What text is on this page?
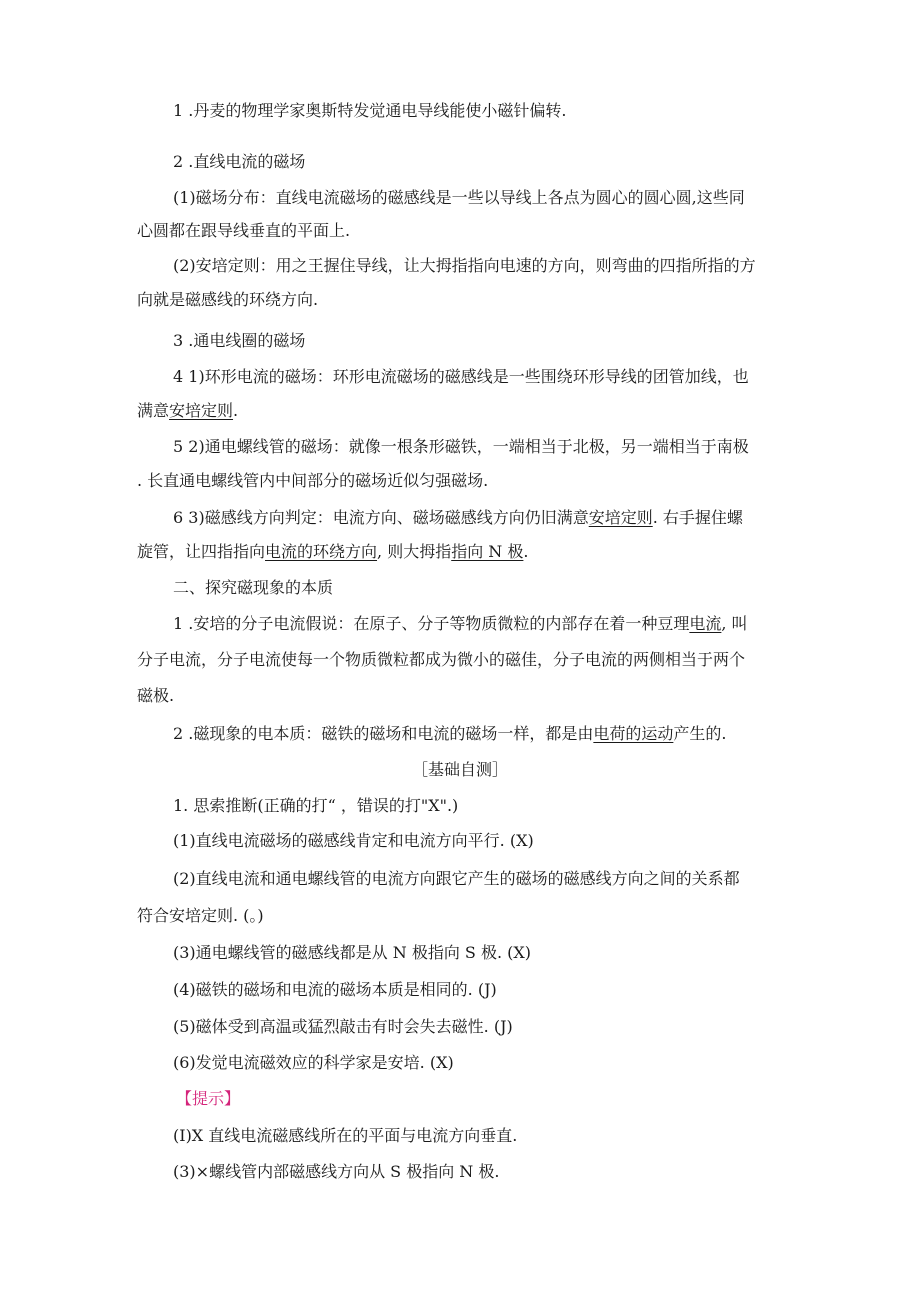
1 .丹麦的物理学家奥斯特发觉通电导线能使小磁针偏转.
2 .直线电流的磁场
(1)磁场分布：直线电流磁场的磁感线是一些以导线上各点为圆心的圆心圆,这些同
心圆都在跟导线垂直的平面上.
(2)安培定则：用之王握住导线，让大拇指指向电速的方向，则弯曲的四指所指的方
向就是磁感线的环绕方向.
3 .通电线圈的磁场
4 1)环形电流的磁场：环形电流磁场的磁感线是一些围绕环形导线的团管加线，也
满意安培定则.
5 2)通电螺线管的磁场：就像一根条形磁铁，一端相当于北极，另一端相当于南极
. 长直通电螺线管内中间部分的磁场近似匀强磁场.
6 3)磁感线方向判定：电流方向、磁场磁感线方向仍旧满意安培定则. 右手握住螺
旋管，让四指指向电流的环绕方向, 则大拇指指向 N 极.
二、探究磁现象的本质
1 .安培的分子电流假说：在原子、分子等物质微粒的内部存在着一种豆理电流, 叫
分子电流，分子电流使每一个物质微粒都成为微小的磁佳，分子电流的两侧相当于两个
磁极.
2 .磁现象的电本质：磁铁的磁场和电流的磁场一样，都是由电荷的运动产生的.
［基础自测］
1. 思索推断(正确的打“ ，错误的打"X".)
(1)直线电流磁场的磁感线肯定和电流方向平行. (X)
(2)直线电流和通电螺线管的电流方向跟它产生的磁场的磁感线方向之间的关系都
符合安培定则. (。)
(3)通电螺线管的磁感线都是从 N 极指向 S 极. (X)
(4)磁铁的磁场和电流的磁场本质是相同的. (J)
(5)磁体受到高温或猛烈敲击有时会失去磁性. (J)
(6)发觉电流磁效应的科学家是安培. (X)
【提示】
(I)X 直线电流磁感线所在的平面与电流方向垂直.
(3)×螺线管内部磁感线方向从 S 极指向 N 极.
